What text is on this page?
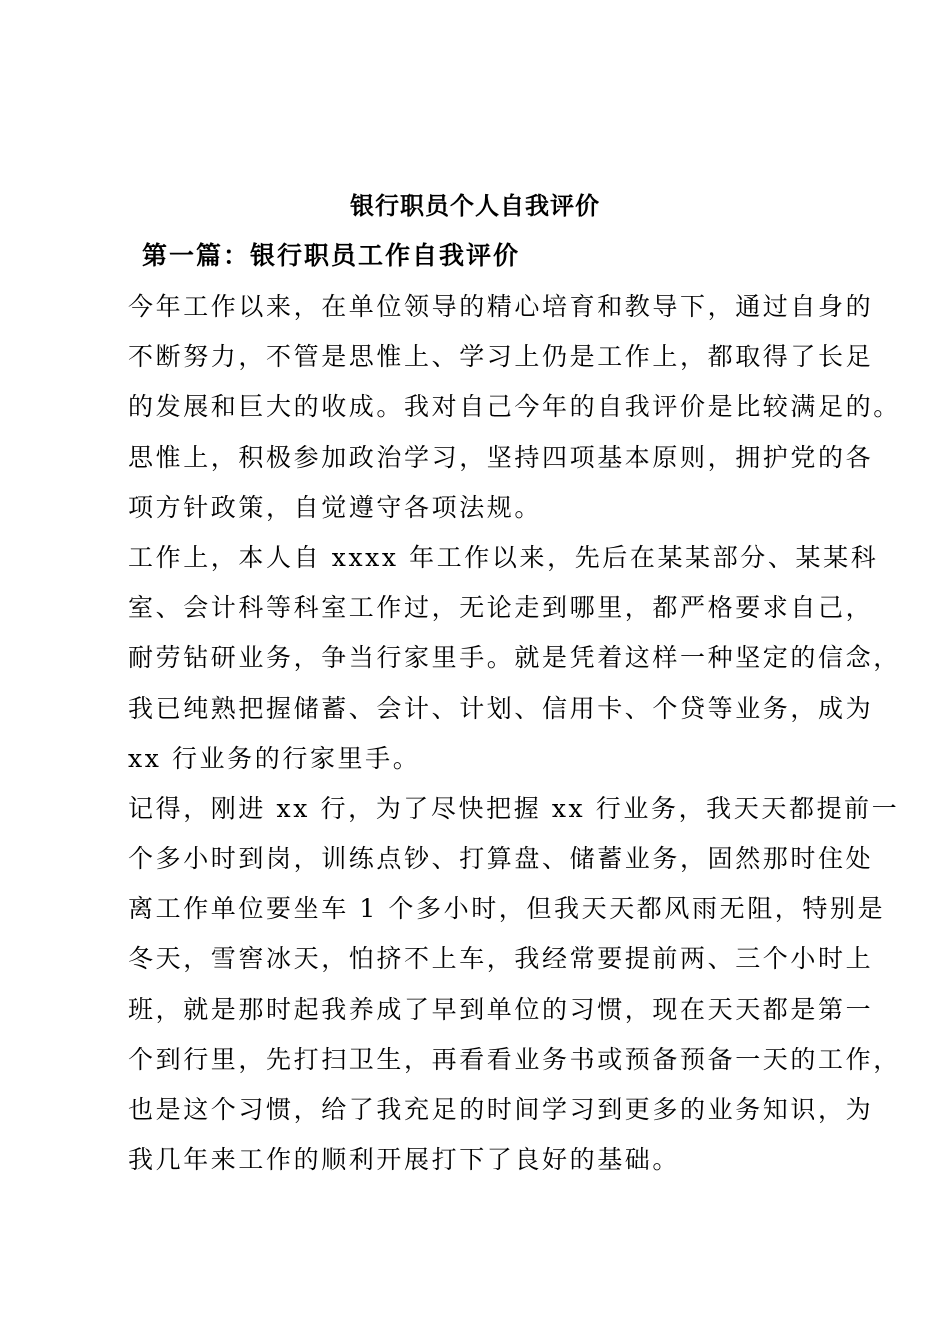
银行职员个人自我评价
第一篇：银行职员工作自我评价
今年工作以来，在单位领导的精心培育和教导下，通过自身的
不断努力，不管是思惟上、学习上仍是工作上，都取得了长足
的发展和巨大的收成。我对自己今年的自我评价是比较满足的。
思惟上，积极参加政治学习，坚持四项基本原则，拥护党的各
项方针政策，自觉遵守各项法规。
工作上，本人自 xxxx 年工作以来，先后在某某部分、某某科
室、会计科等科室工作过，无论走到哪里，都严格要求自己，
耐劳钻研业务，争当行家里手。就是凭着这样一种坚定的信念，
我已纯熟把握储蓄、会计、计划、信用卡、个贷等业务，成为
xx 行业务的行家里手。
记得，刚进 xx 行，为了尽快把握 xx 行业务，我天天都提前一
个多小时到岗，训练点钞、打算盘、储蓄业务，固然那时住处
离工作单位要坐车 1 个多小时，但我天天都风雨无阻，特别是
冬天，雪窖冰天，怕挤不上车，我经常要提前两、三个小时上
班，就是那时起我养成了早到单位的习惯，现在天天都是第一
个到行里，先打扫卫生，再看看业务书或预备预备一天的工作，
也是这个习惯，给了我充足的时间学习到更多的业务知识，为
我几年来工作的顺利开展打下了良好的基础。
